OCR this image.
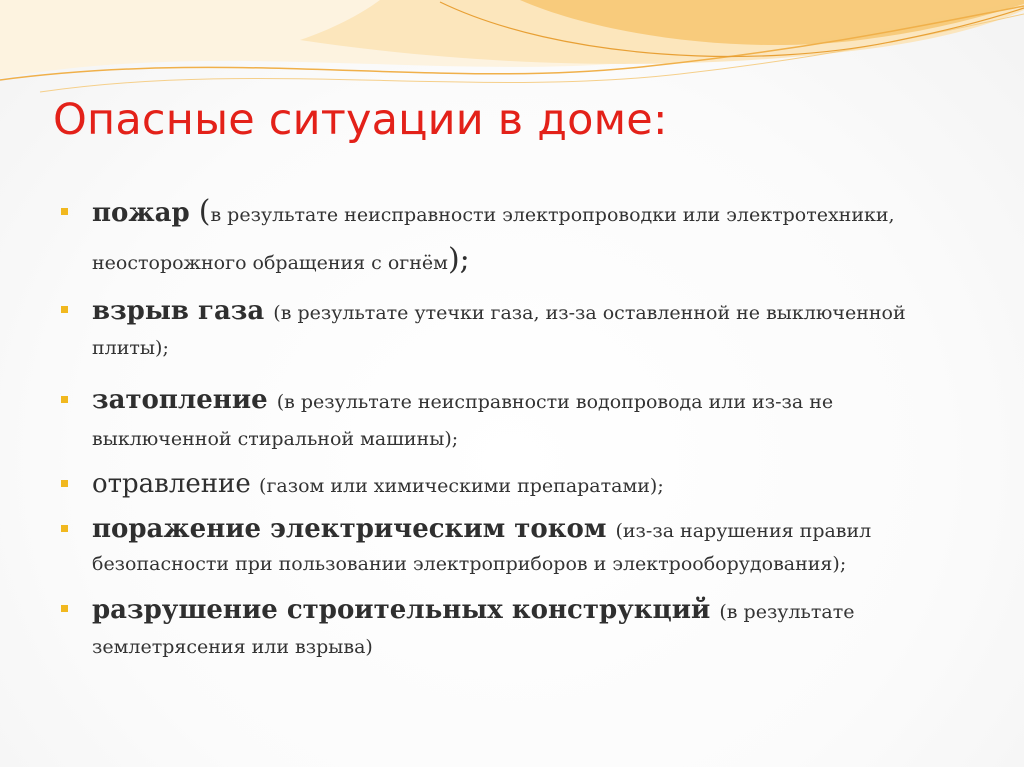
Опасные ситуации в доме:
пожар (в результате неисправности электропроводки или электротехники, неосторожного обращения с огнём);
взрыв газа (в результате утечки газа, из-за оставленной не выключенной плиты);
затопление (в результате неисправности водопровода или из-за не выключенной стиральной машины);
отравление (газом или химическими препаратами);
поражение электрическим током (из-за нарушения правил безопасности при пользовании электроприборов и электрооборудования);
разрушение строительных конструкций (в результате землетрясения или взрыва)
